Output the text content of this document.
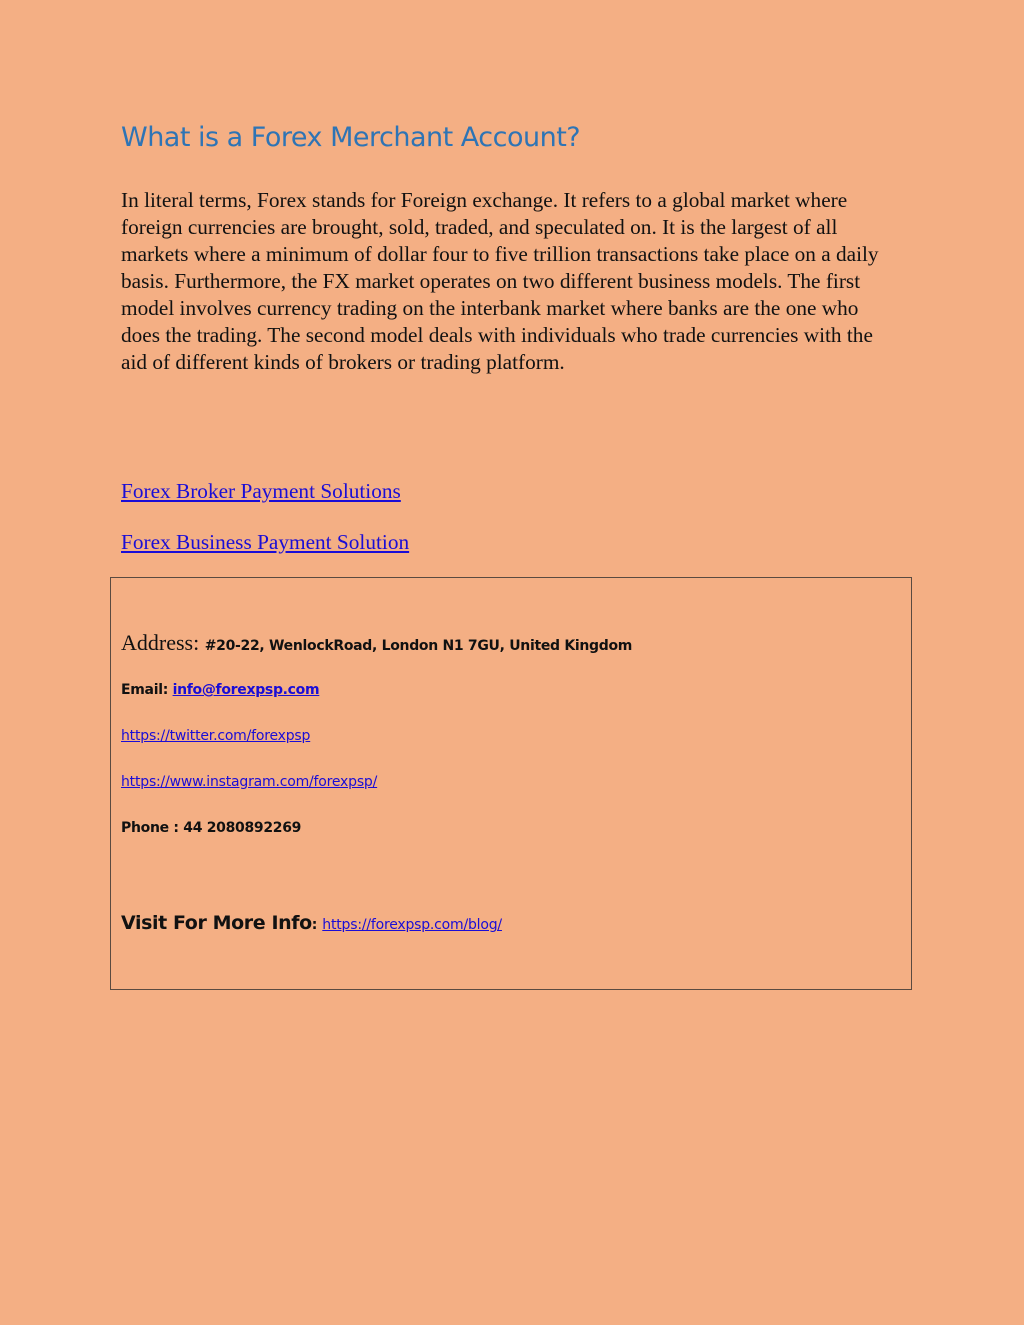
What is a Forex Merchant Account?

In literal terms, Forex stands for Foreign exchange. It refers to a global market where foreign currencies are brought, sold, traded, and speculated on. It is the largest of all markets where a minimum of dollar four to five trillion transactions take place on a daily basis. Furthermore, the FX market operates on two different business models. The first model involves currency trading on the interbank market where banks are the one who does the trading. The second model deals with individuals who trade currencies with the aid of different kinds of brokers or trading platform.

Forex Broker Payment Solutions

Forex Business Payment Solution

Address: #20-22, WenlockRoad, London N1 7GU, United Kingdom

Email: info@forexpsp.com

https://twitter.com/forexpsp

https://www.instagram.com/forexpsp/

Phone : 44 2080892269

Visit For More Info: https://forexpsp.com/blog/
